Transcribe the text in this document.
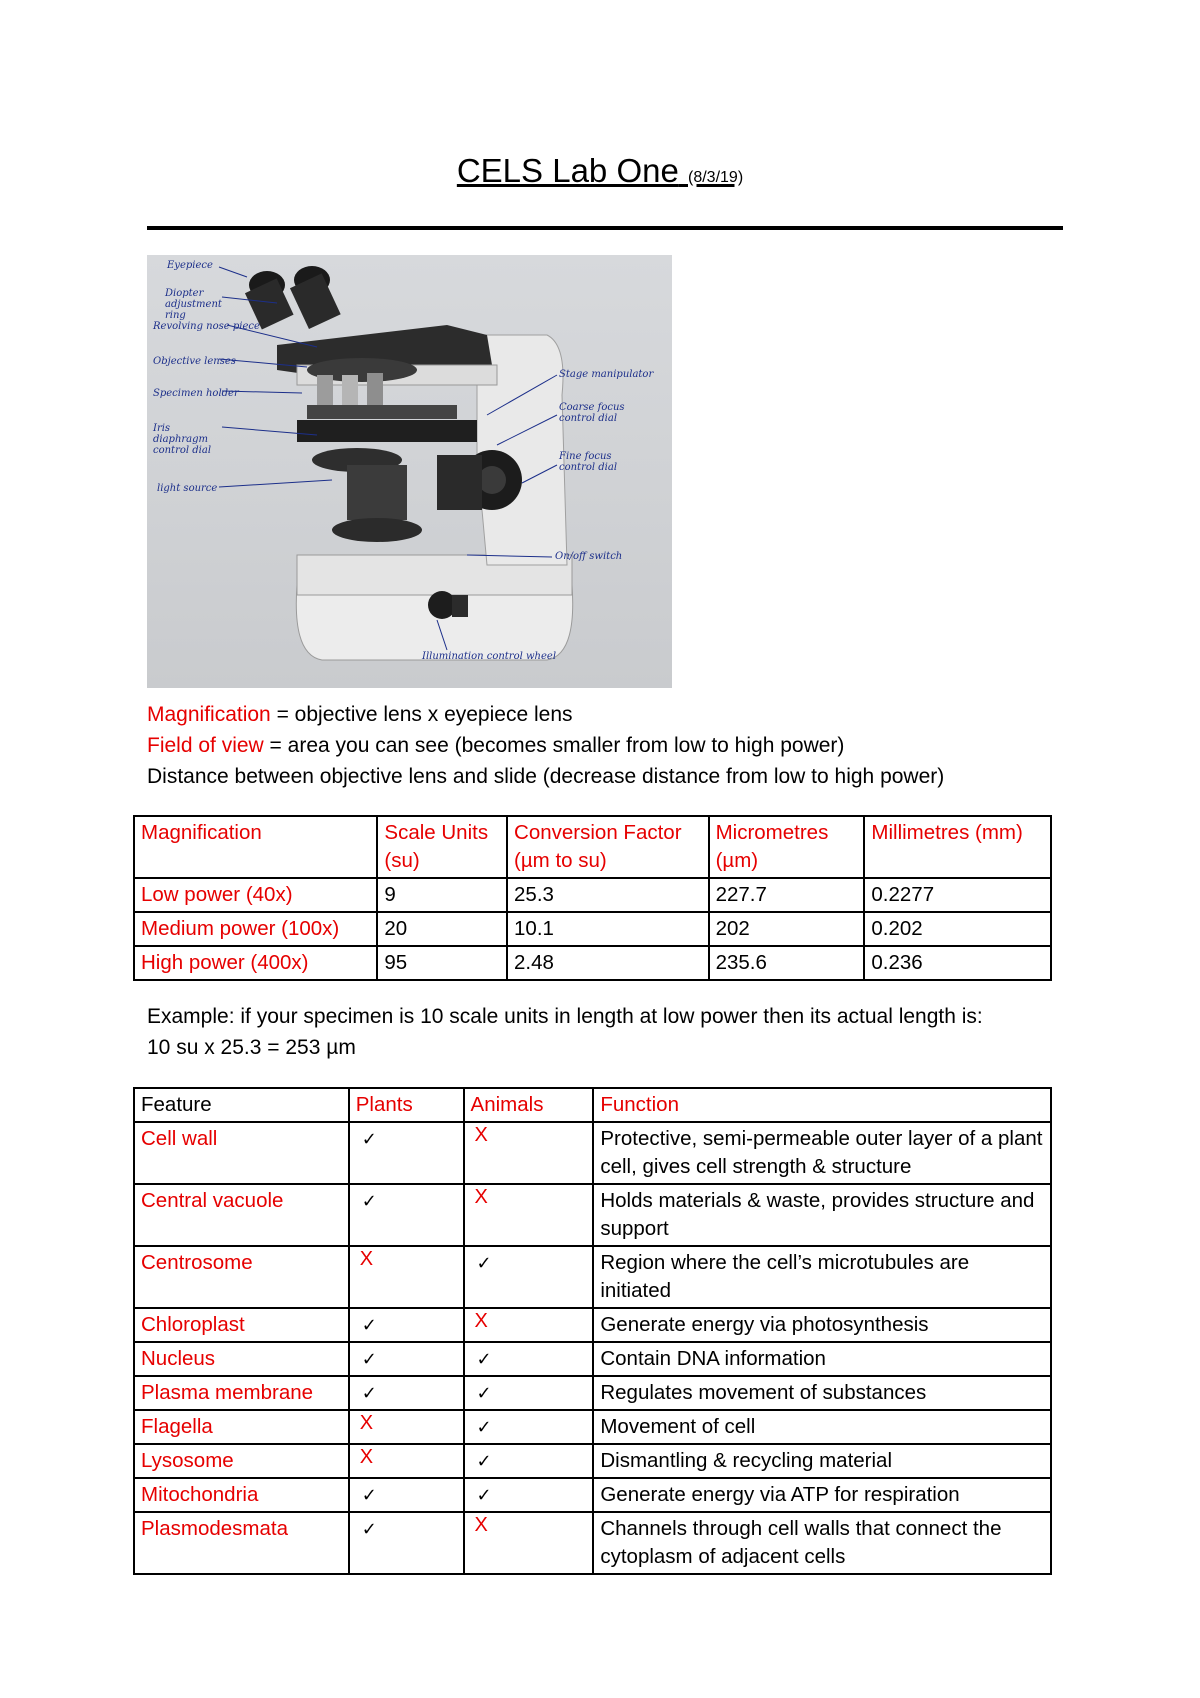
CELS Lab One (8/3/19)
Eyepiece
Diopter adjustment ring
Revolving nose piece
Objective lenses
Specimen holder
Iris diaphragm control dial
light source
Stage manipulator
Coarse focus control dial
Fine focus control dial
On/off switch
Illumination control wheel
Magnification = objective lens x eyepiece lens
Field of view = area you can see (becomes smaller from low to high power)
Distance between objective lens and slide (decrease distance from low to high power)
Magnification	Scale Units (su)	Conversion Factor (µm to su)	Micrometres (µm)	Millimetres (mm)
Low power (40x)	9	25.3	227.7	0.2277
Medium power (100x)	20	10.1	202	0.202
High power (400x)	95	2.48	235.6	0.236
Example: if your specimen is 10 scale units in length at low power then its actual length is:
10 su x 25.3 = 253 µm
Feature	Plants	Animals	Function
Cell wall	✓	X	Protective, semi-permeable outer layer of a plant cell, gives cell strength & structure
Central vacuole	✓	X	Holds materials & waste, provides structure and support
Centrosome	X	✓	Region where the cell’s microtubules are initiated
Chloroplast	✓	X	Generate energy via photosynthesis
Nucleus	✓	✓	Contain DNA information
Plasma membrane	✓	✓	Regulates movement of substances
Flagella	X	✓	Movement of cell
Lysosome	X	✓	Dismantling & recycling material
Mitochondria	✓	✓	Generate energy via ATP for respiration
Plasmodesmata	✓	X	Channels through cell walls that connect the cytoplasm of adjacent cells
